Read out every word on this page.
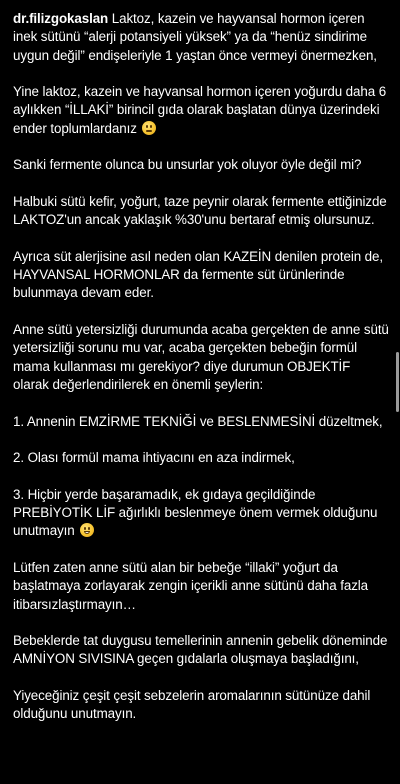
dr.filizgokaslan Laktoz, kazein ve hayvansal hormon içeren inek sütünü “alerji potansiyeli yüksek” ya da “henüz sindirime uygun değil” endişeleriyle 1 yaştan önce vermeyi önermezken,

Yine laktoz, kazein ve hayvansal hormon içeren yoğurdu daha 6 aylıkken “İLLAKİ” birincil gıda olarak başlatan dünya üzerindeki ender toplumlardanız

Sanki fermente olunca bu unsurlar yok oluyor öyle değil mi?

Halbuki sütü kefir, yoğurt, taze peynir olarak fermente ettiğinizde LAKTOZ'un ancak yaklaşık %30'unu bertaraf etmiş olursunuz.

Ayrıca süt alerjisine asıl neden olan KAZEİN denilen protein de, HAYVANSAL HORMONLAR da fermente süt ürünlerinde bulunmaya devam eder.

Anne sütü yetersizliği durumunda acaba gerçekten de anne sütü yetersizliği sorunu mu var, acaba gerçekten bebeğin formül mama kullanması mı gerekiyor? diye durumun OBJEKTİF olarak değerlendirilerek en önemli şeylerin:

1. Annenin EMZİRME TEKNİĞİ ve BESLENMESİNİ düzeltmek,

2. Olası formül mama ihtiyacını en aza indirmek,

3. Hiçbir yerde başaramadık, ek gıdaya geçildiğinde PREBİYOTİK LİF ağırlıklı beslenmeye önem vermek olduğunu unutmayın

Lütfen zaten anne sütü alan bir bebeğe “illaki” yoğurt da başlatmaya zorlayarak zengin içerikli anne sütünü daha fazla itibarsızlaştırmayın…

Bebeklerde tat duygusu temellerinin annenin gebelik döneminde AMNİYON SIVISINA geçen gıdalarla oluşmaya başladığını,

Yiyeceğiniz çeşit çeşit sebzelerin aromalarının sütünüze dahil olduğunu unutmayın.
